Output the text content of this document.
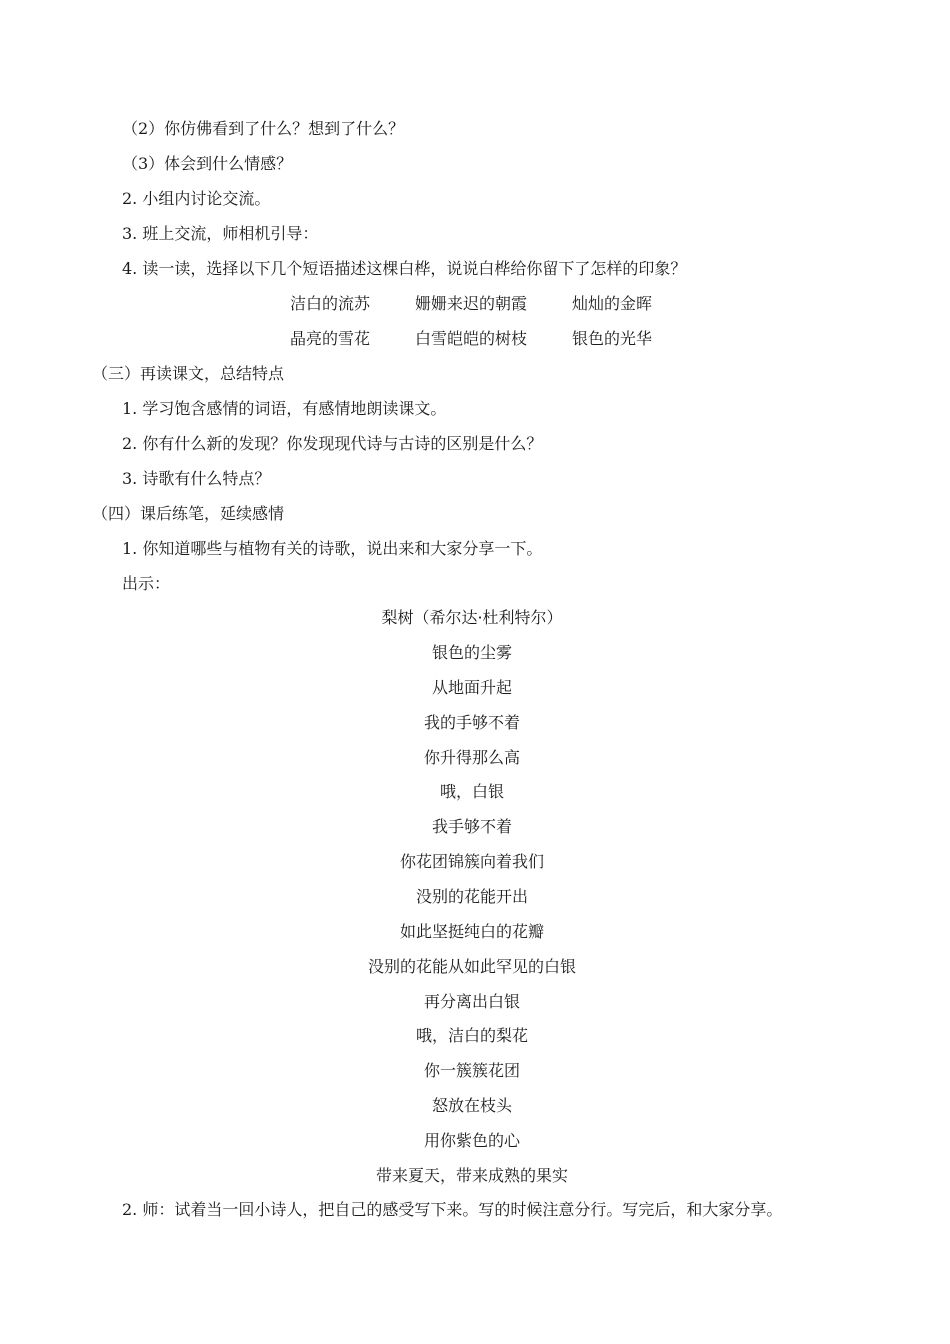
（2）你仿佛看到了什么？想到了什么？
（3）体会到什么情感？
2. 小组内讨论交流。
3. 班上交流，师相机引导：
4. 读一读，选择以下几个短语描述这棵白桦，说说白桦给你留下了怎样的印象？
洁白的流苏	姗姗来迟的朝霞	灿灿的金晖
晶亮的雪花	白雪皑皑的树枝	银色的光华
（三）再读课文，总结特点
1. 学习饱含感情的词语，有感情地朗读课文。
2. 你有什么新的发现？你发现现代诗与古诗的区别是什么？
3. 诗歌有什么特点？
（四）课后练笔，延续感情
1. 你知道哪些与植物有关的诗歌，说出来和大家分享一下。
出示：
梨树（希尔达·杜利特尔）
银色的尘雾
从地面升起
我的手够不着
你升得那么高
哦，白银
我手够不着
你花团锦簇向着我们
没别的花能开出
如此坚挺纯白的花瓣
没别的花能从如此罕见的白银
再分离出白银
哦，洁白的梨花
你一簇簇花团
怒放在枝头
用你紫色的心
带来夏天，带来成熟的果实
2. 师：试着当一回小诗人，把自己的感受写下来。写的时候注意分行。写完后，和大家分享。
